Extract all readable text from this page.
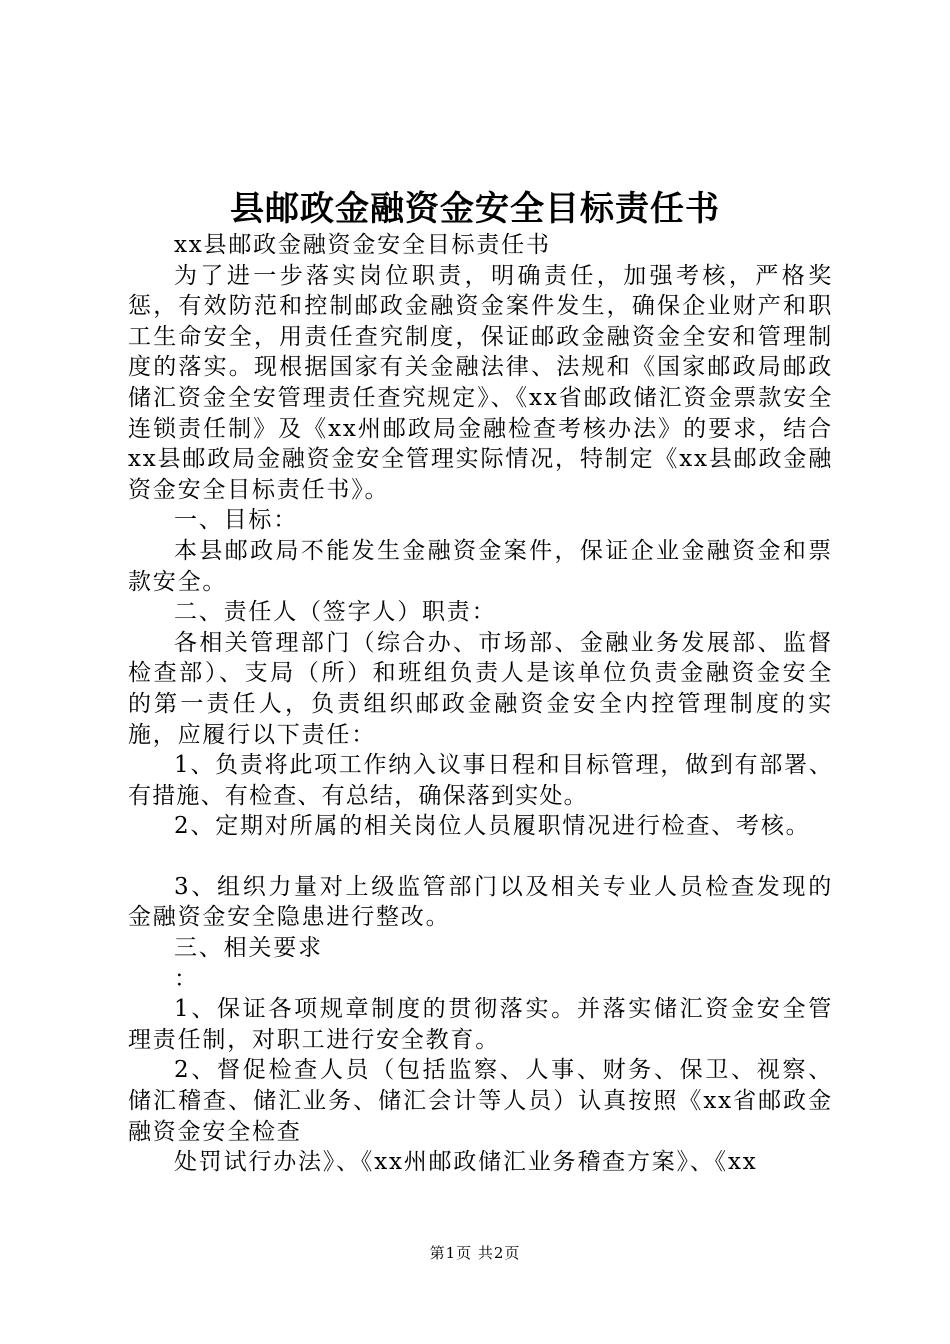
县邮政金融资金安全目标责任书

xx县邮政金融资金安全目标责任书

为了进一步落实岗位职责，明确责任，加强考核，严格奖惩，有效防范和控制邮政金融资金案件发生，确保企业财产和职工生命安全，用责任查究制度，保证邮政金融资金全安和管理制度的落实。现根据国家有关金融法律、法规和《国家邮政局邮政储汇资金全安管理责任查究规定》、《xx省邮政储汇资金票款安全连锁责任制》及《xx州邮政局金融检查考核办法》的要求，结合xx县邮政局金融资金安全管理实际情况，特制定《xx县邮政金融资金安全目标责任书》。

一、目标：

本县邮政局不能发生金融资金案件，保证企业金融资金和票款安全。

二、责任人（签字人）职责：

各相关管理部门（综合办、市场部、金融业务发展部、监督检查部）、支局（所）和班组负责人是该单位负责金融资金安全的第一责任人，负责组织邮政金融资金安全内控管理制度的实施，应履行以下责任：

1、负责将此项工作纳入议事日程和目标管理，做到有部署、有措施、有检查、有总结，确保落到实处。

2、定期对所属的相关岗位人员履职情况进行检查、考核。

3、组织力量对上级监管部门以及相关专业人员检查发现的金融资金安全隐患进行整改。

三、相关要求

：

1、保证各项规章制度的贯彻落实。并落实储汇资金安全管理责任制，对职工进行安全教育。

2、督促检查人员（包括监察、人事、财务、保卫、视察、储汇稽查、储汇业务、储汇会计等人员）认真按照《xx省邮政金融资金安全检查

处罚试行办法》、《xx州邮政储汇业务稽查方案》、《xx

第1页 共2页
